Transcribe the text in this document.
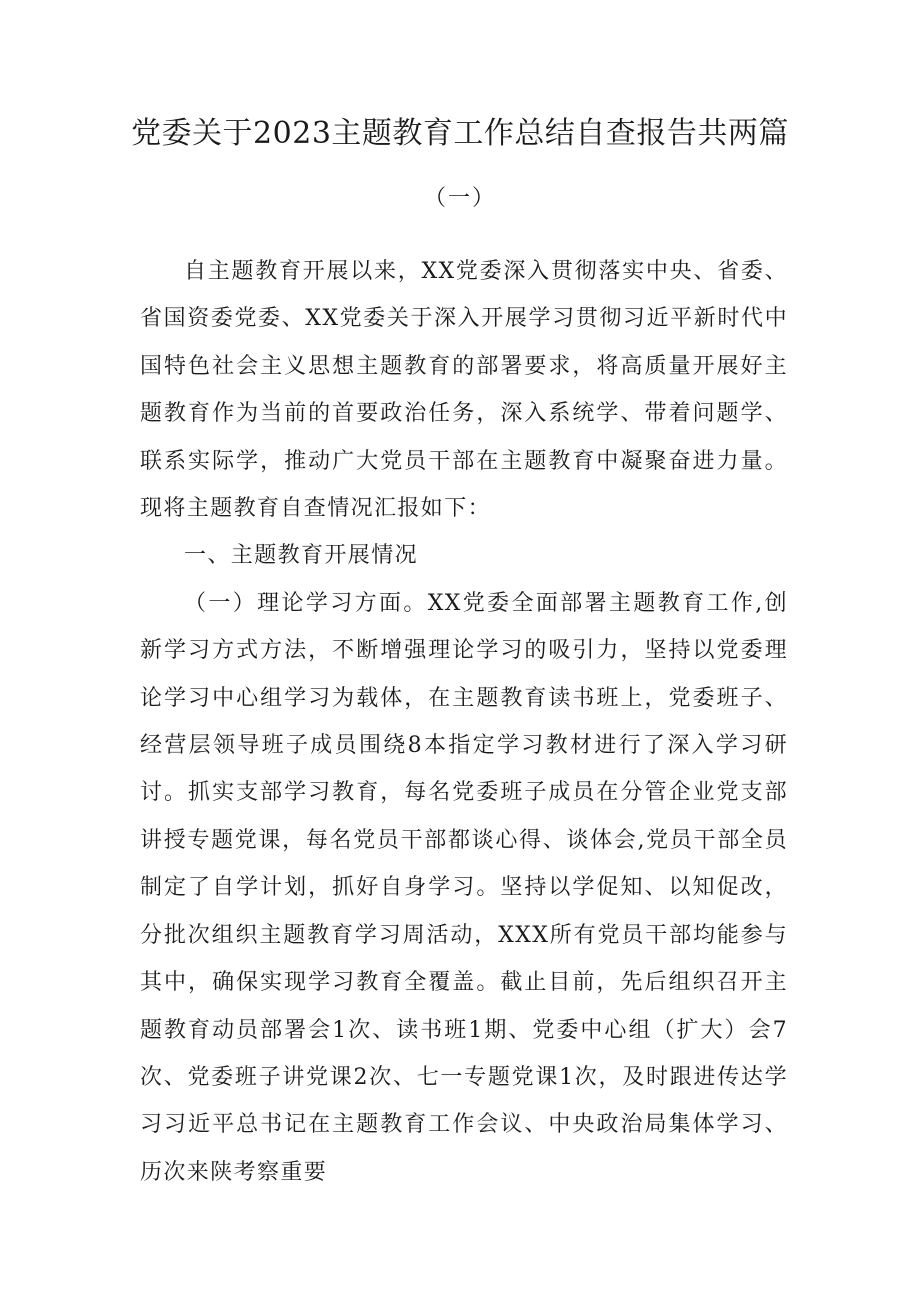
党委关于2023主题教育工作总结自查报告共两篇
（一）

自主题教育开展以来，XX党委深入贯彻落实中央、省委、省国资委党委、XX党委关于深入开展学习贯彻习近平新时代中国特色社会主义思想主题教育的部署要求，将高质量开展好主题教育作为当前的首要政治任务，深入系统学、带着问题学、联系实际学，推动广大党员干部在主题教育中凝聚奋进力量。现将主题教育自查情况汇报如下：

一、主题教育开展情况

（一）理论学习方面。XX党委全面部署主题教育工作,创新学习方式方法，不断增强理论学习的吸引力，坚持以党委理论学习中心组学习为载体，在主题教育读书班上，党委班子、经营层领导班子成员围绕8本指定学习教材进行了深入学习研讨。抓实支部学习教育，每名党委班子成员在分管企业党支部讲授专题党课，每名党员干部都谈心得、谈体会,党员干部全员制定了自学计划，抓好自身学习。坚持以学促知、以知促改，分批次组织主题教育学习周活动，XXX所有党员干部均能参与其中，确保实现学习教育全覆盖。截止目前，先后组织召开主题教育动员部署会1次、读书班1期、党委中心组（扩大）会7次、党委班子讲党课2次、七一专题党课1次，及时跟进传达学习习近平总书记在主题教育工作会议、中央政治局集体学习、历次来陕考察重要
